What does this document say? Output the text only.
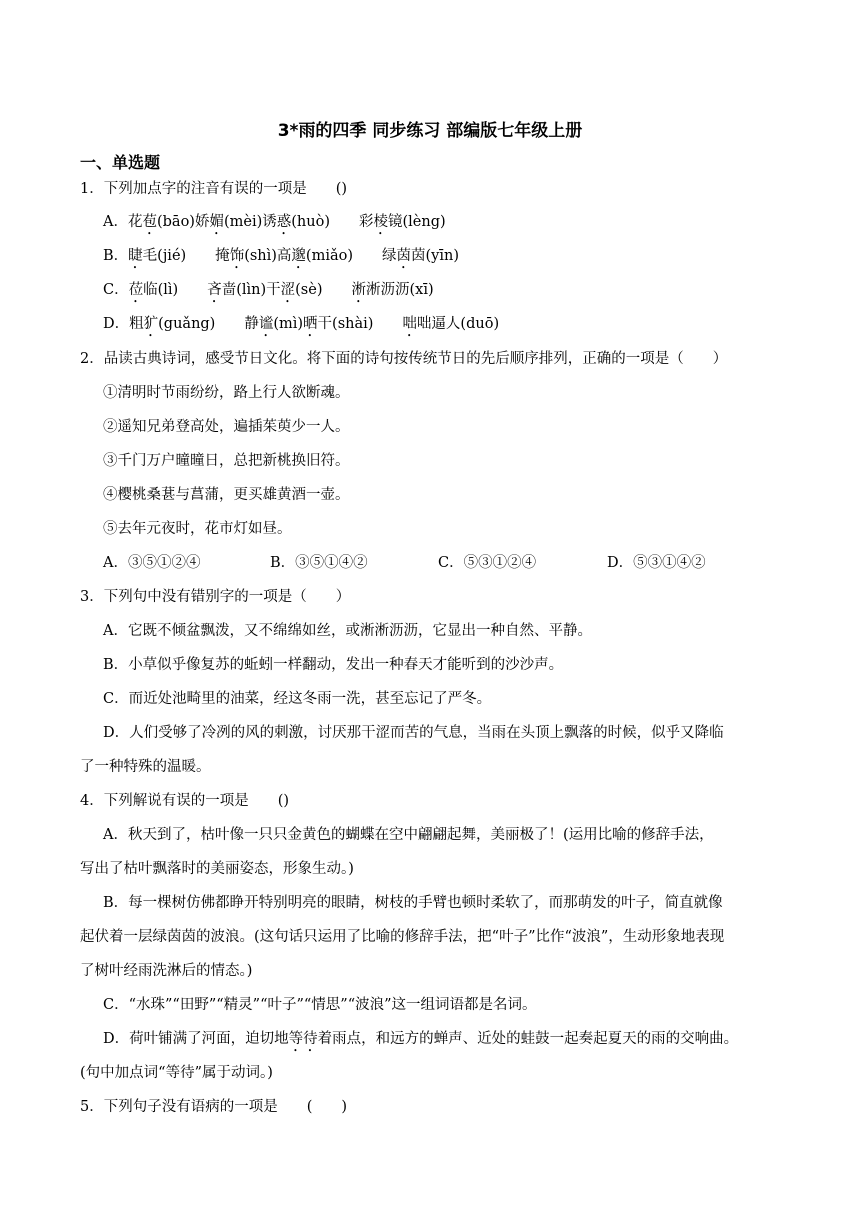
3*雨的四季 同步练习 部编版七年级上册
一、单选题
1．下列加点字的注音有误的一项是　　()
A．花苞(bāo)娇媚(mèi)诱惑(huò)　　彩棱镜(lèng)
B．睫毛(jié)　　掩饰(shì)高邈(miǎo)　　绿茵茵(yīn)
C．莅临(lì)　　吝啬(lìn)干涩(sè)　　淅淅沥沥(xī)
D．粗犷(guǎng)　　静谧(mì)晒干(shài)　　咄咄逼人(duō)
2．品读古典诗词，感受节日文化。将下面的诗句按传统节日的先后顺序排列，正确的一项是（　　）
①清明时节雨纷纷，路上行人欲断魂。
②遥知兄弟登高处，遍插茱萸少一人。
③千门万户曈曈日，总把新桃换旧符。
④樱桃桑葚与菖蒲，更买雄黄酒一壶。
⑤去年元夜时，花市灯如昼。
A．③⑤①②④	B．③⑤①④②	C．⑤③①②④	D．⑤③①④②
3．下列句中没有错别字的一项是（　　）
A．它既不倾盆飘泼，又不绵绵如丝，或淅淅沥沥，它显出一种自然、平静。
B．小草似乎像复苏的蚯蚓一样翻动，发出一种春天才能听到的沙沙声。
C．而近处池畸里的油菜，经这冬雨一洗，甚至忘记了严冬。
D．人们受够了冷冽的风的刺激，讨厌那干涩而苦的气息，当雨在头顶上飘落的时候，似乎又降临
了一种特殊的温暖。
4．下列解说有误的一项是　　()
A．秋天到了，枯叶像一只只金黄色的蝴蝶在空中翩翩起舞，美丽极了！(运用比喻的修辞手法，
写出了枯叶飘落时的美丽姿态，形象生动。)
B．每一棵树仿佛都睁开特别明亮的眼睛，树枝的手臂也顿时柔软了，而那萌发的叶子，简直就像
起伏着一层绿茵茵的波浪。(这句话只运用了比喻的修辞手法，把“叶子”比作“波浪”，生动形象地表现
了树叶经雨洗淋后的情态。)
C．“水珠”“田野”“精灵”“叶子”“情思”“波浪”这一组词语都是名词。
D．荷叶铺满了河面，迫切地等待着雨点，和远方的蝉声、近处的蛙鼓一起奏起夏天的雨的交响曲。
(句中加点词“等待”属于动词。)
5．下列句子没有语病的一项是　　(　　)
